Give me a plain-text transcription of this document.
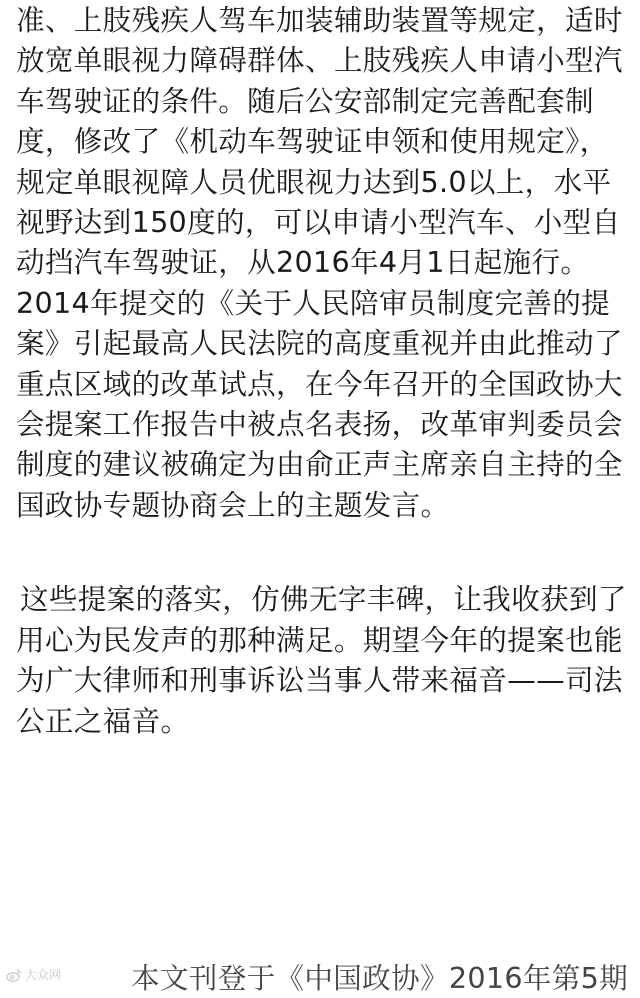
准、上肢残疾人驾车加装辅助装置等规定，适时
放宽单眼视力障碍群体、上肢残疾人申请小型汽
车驾驶证的条件。随后公安部制定完善配套制
度，修改了《机动车驾驶证申领和使用规定》，
规定单眼视障人员优眼视力达到5.0以上，水平
视野达到150度的，可以申请小型汽车、小型自
动挡汽车驾驶证，从2016年4月1日起施行。
2014年提交的《关于人民陪审员制度完善的提
案》引起最高人民法院的高度重视并由此推动了
重点区域的改革试点，在今年召开的全国政协大
会提案工作报告中被点名表扬，改革审判委员会
制度的建议被确定为由俞正声主席亲自主持的全
国政协专题协商会上的主题发言。

这些提案的落实，仿佛无字丰碑，让我收获到了
用心为民发声的那种满足。期望今年的提案也能
为广大律师和刑事诉讼当事人带来福音——司法
公正之福音。

大众网 本文刊登于《中国政协》2016年第5期
